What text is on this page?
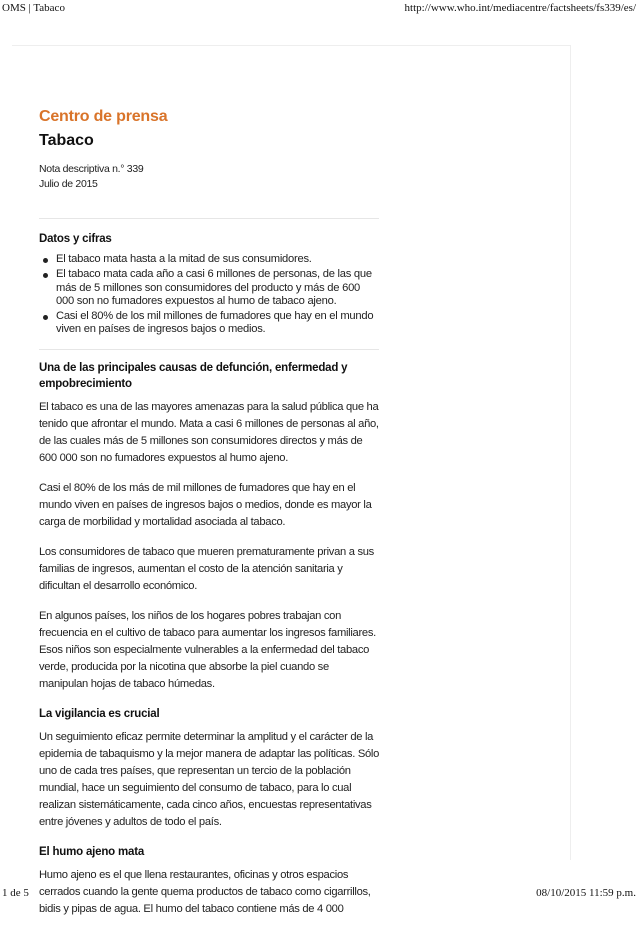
OMS | Tabaco	http://www.who.int/mediacentre/factsheets/fs339/es/
Centro de prensa
Tabaco
Nota descriptiva n.° 339
Julio de 2015
Datos y cifras
El tabaco mata hasta a la mitad de sus consumidores.
El tabaco mata cada año a casi 6 millones de personas, de las que más de 5 millones son consumidores del producto y más de 600 000 son no fumadores expuestos al humo de tabaco ajeno.
Casi el 80% de los mil millones de fumadores que hay en el mundo viven en países de ingresos bajos o medios.
Una de las principales causas de defunción, enfermedad y empobrecimiento

El tabaco es una de las mayores amenazas para la salud pública que ha tenido que afrontar el mundo. Mata a casi 6 millones de personas al año, de las cuales más de 5 millones son consumidores directos y más de 600 000 son no fumadores expuestos al humo ajeno.

Casi el 80% de los más de mil millones de fumadores que hay en el mundo viven en países de ingresos bajos o medios, donde es mayor la carga de morbilidad y mortalidad asociada al tabaco.

Los consumidores de tabaco que mueren prematuramente privan a sus familias de ingresos, aumentan el costo de la atención sanitaria y dificultan el desarrollo económico.

En algunos países, los niños de los hogares pobres trabajan con frecuencia en el cultivo de tabaco para aumentar los ingresos familiares. Esos niños son especialmente vulnerables a la enfermedad del tabaco verde, producida por la nicotina que absorbe la piel cuando se manipulan hojas de tabaco húmedas.

La vigilancia es crucial

Un seguimiento eficaz permite determinar la amplitud y el carácter de la epidemia de tabaquismo y la mejor manera de adaptar las políticas. Sólo uno de cada tres países, que representan un tercio de la población mundial, hace un seguimiento del consumo de tabaco, para lo cual realizan sistemáticamente, cada cinco años, encuestas representativas entre jóvenes y adultos de todo el país.

El humo ajeno mata

Humo ajeno es el que llena restaurantes, oficinas y otros espacios cerrados cuando la gente quema productos de tabaco como cigarrillos, bidis y pipas de agua. El humo del tabaco contiene más de 4 000

1 de 5	08/10/2015 11:59 p.m.
